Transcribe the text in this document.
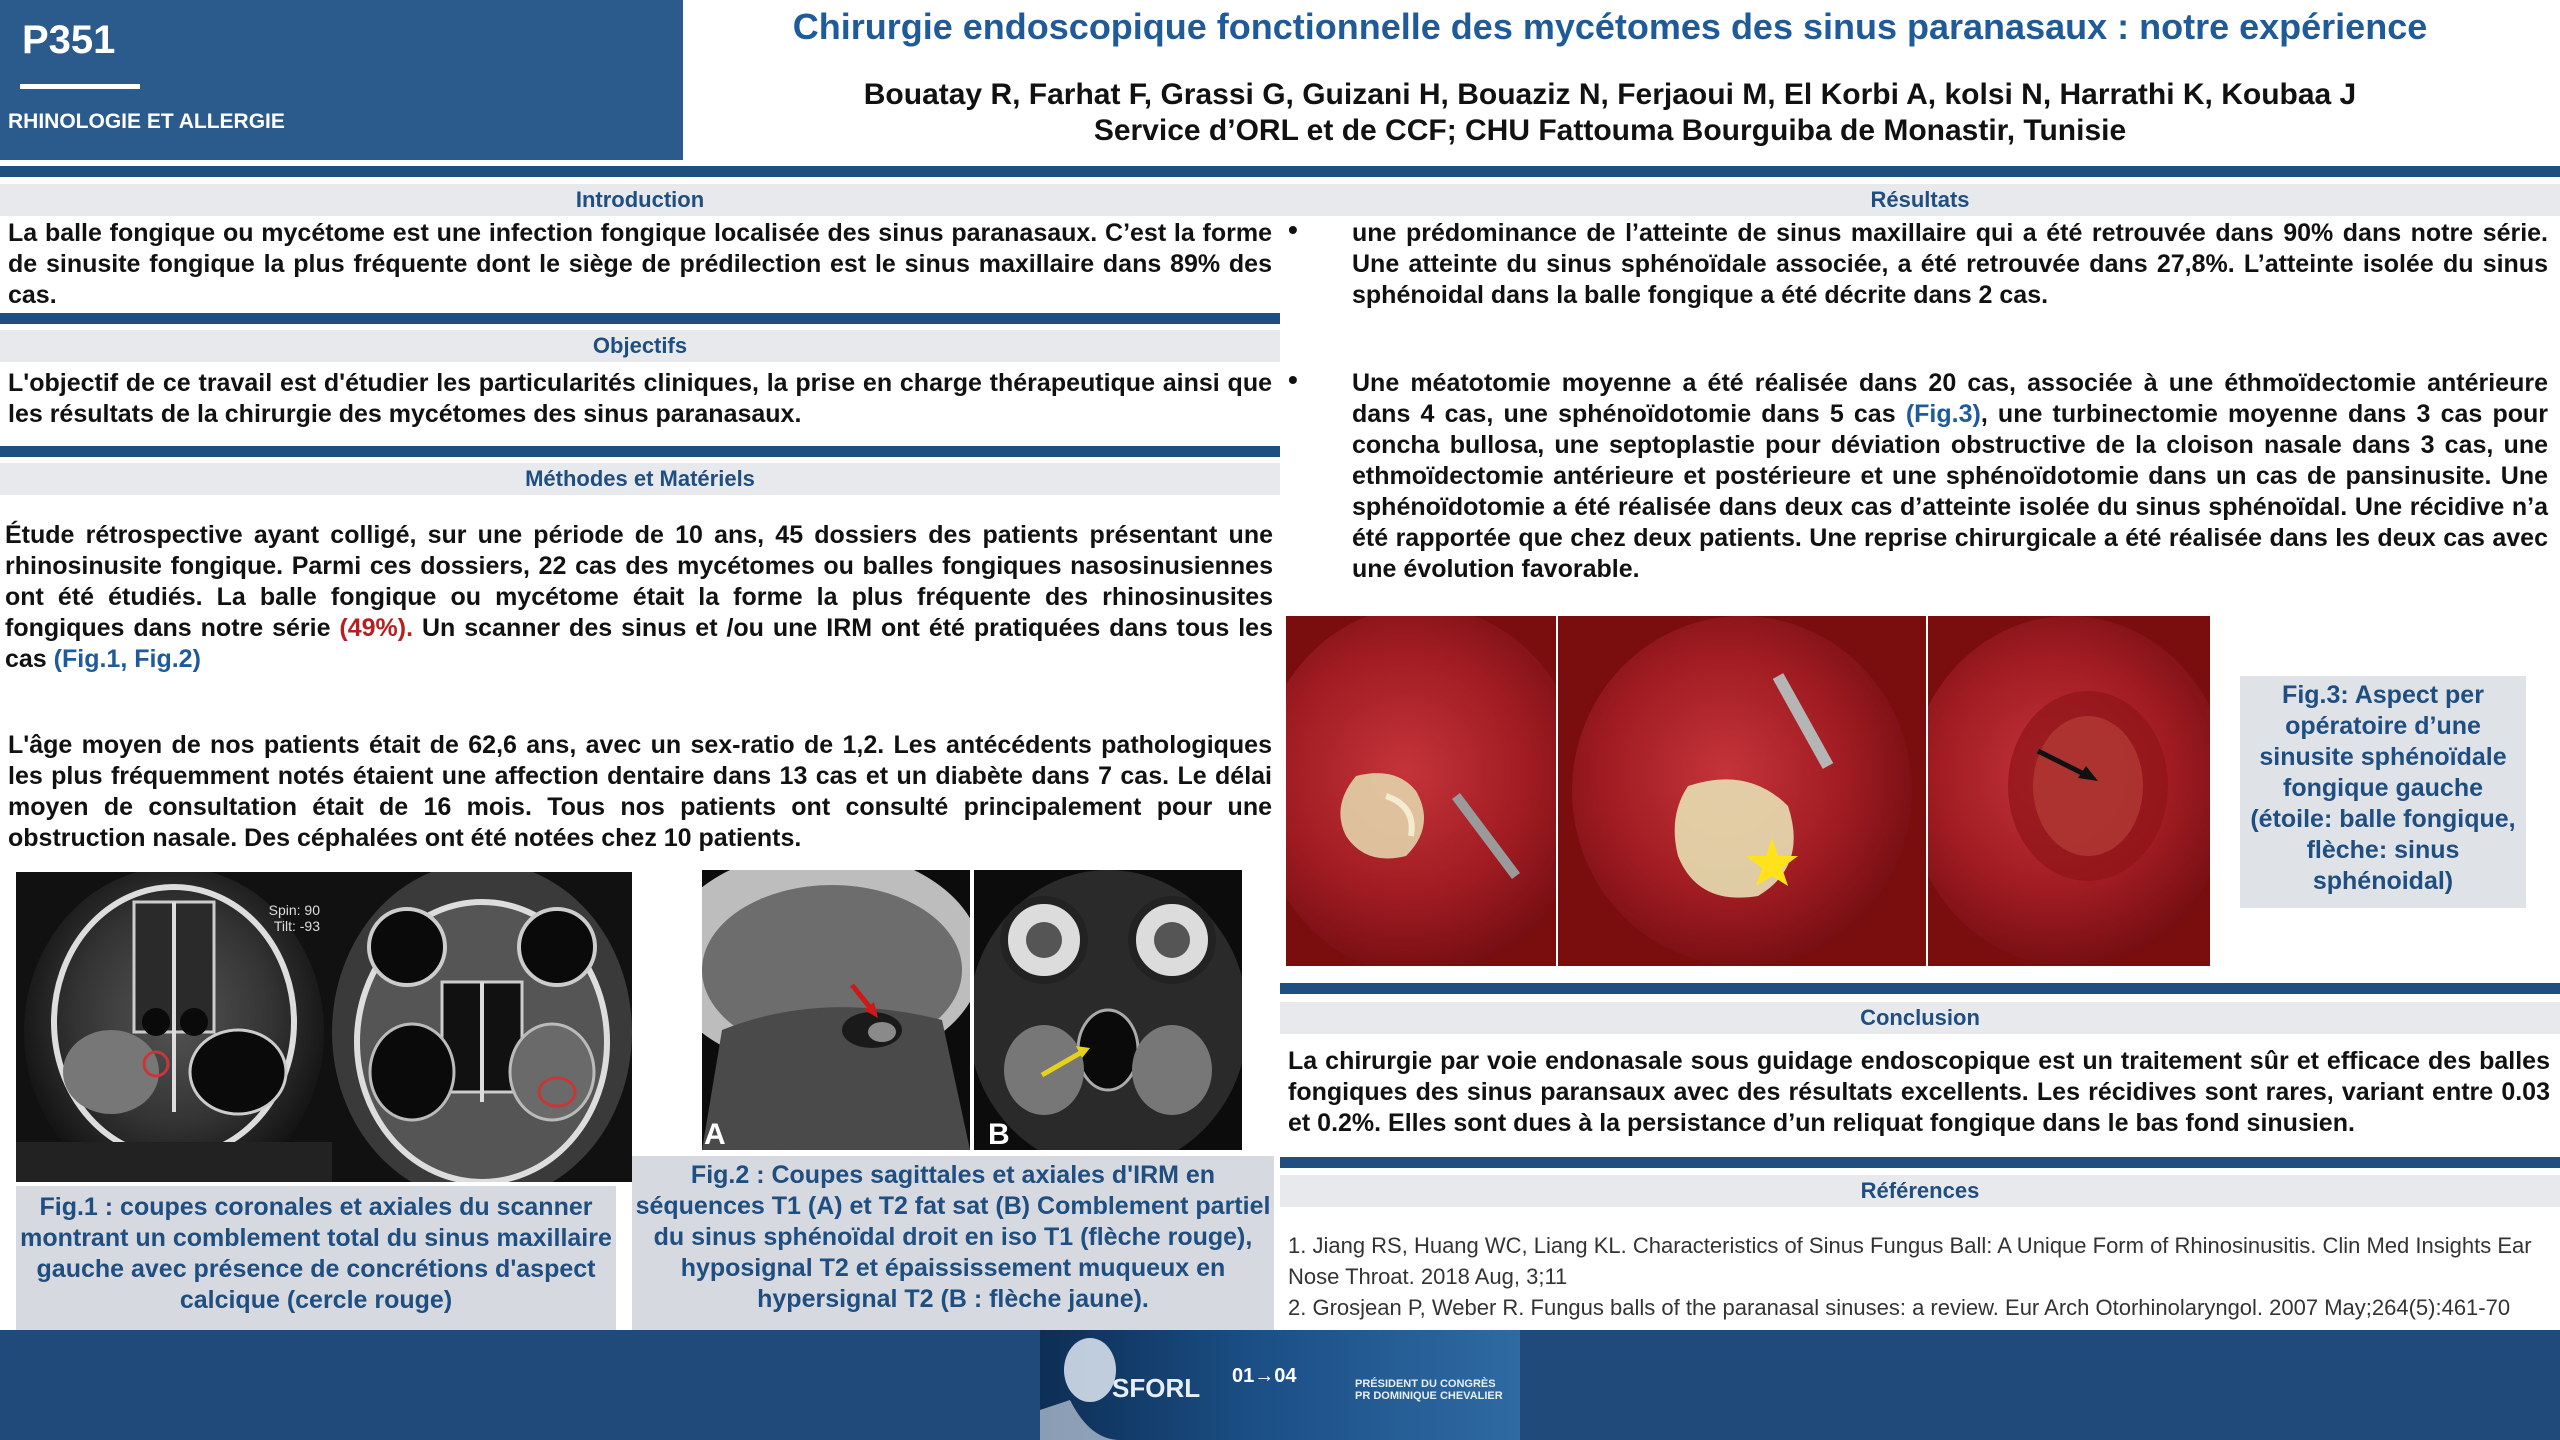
P351
RHINOLOGIE ET ALLERGIE
Chirurgie endoscopique fonctionnelle des mycétomes des sinus paranasaux : notre expérience
Bouatay R, Farhat F, Grassi G, Guizani H, Bouaziz N, Ferjaoui M, El Korbi A, kolsi N, Harrathi K, Koubaa J
Service d’ORL et de CCF; CHU Fattouma Bourguiba de Monastir, Tunisie
Introduction
La balle fongique ou mycétome est une infection fongique localisée des sinus paranasaux. C’est la forme de sinusite fongique la plus fréquente dont le siège de prédilection est le sinus maxillaire dans 89% des cas.
Objectifs
L'objectif de ce travail est d'étudier les particularités cliniques, la prise en charge thérapeutique ainsi que les résultats de la chirurgie des mycétomes des sinus paranasaux.
Méthodes et Matériels
Étude rétrospective ayant colligé, sur une période de 10 ans, 45 dossiers des patients présentant une rhinosinusite fongique. Parmi ces dossiers, 22 cas des mycétomes ou balles fongiques nasosinusiennes ont été étudiés. La balle fongique ou mycétome était la forme la plus fréquente des rhinosinusites fongiques dans notre série (49%). Un scanner des sinus et /ou une IRM ont été pratiquées dans tous les cas (Fig.1, Fig.2)
L'âge moyen de nos patients était de 62,6 ans, avec un sex-ratio de 1,2. Les antécédents pathologiques les plus fréquemment notés étaient une affection dentaire dans 13 cas et un diabète dans 7 cas. Le délai moyen de consultation était de 16 mois. Tous nos patients ont consulté principalement pour une obstruction nasale. Des céphalées ont été notées chez 10 patients.
Spin: 90
Tilt: -93
Fig.1 : coupes coronales et axiales du scanner montrant un comblement total du sinus maxillaire gauche avec présence de concrétions d'aspect calcique (cercle rouge)
A	B
Fig.2 : Coupes sagittales et axiales d'IRM en séquences T1 (A) et T2 fat sat (B) Comblement partiel du sinus sphénoïdal droit en iso T1 (flèche rouge), hyposignal T2 et épaississement muqueux en hypersignal T2 (B : flèche jaune).
Résultats
• une prédominance de l’atteinte de sinus maxillaire qui a été retrouvée dans 90% dans notre série. Une atteinte du sinus sphénoïdale associée, a été retrouvée dans 27,8%. L’atteinte isolée du sinus sphénoidal dans la balle fongique a été décrite dans 2 cas.
• Une méatotomie moyenne a été réalisée dans 20 cas, associée à une éthmoïdectomie antérieure dans 4 cas, une sphénoïdotomie dans 5 cas (Fig.3), une turbinectomie moyenne dans 3 cas pour concha bullosa, une septoplastie pour déviation obstructive de la cloison nasale dans 3 cas, une ethmoïdectomie antérieure et postérieure et une sphénoïdotomie dans un cas de pansinusite. Une sphénoïdotomie a été réalisée dans deux cas d’atteinte isolée du sinus sphénoïdal. Une récidive n’a été rapportée que chez deux patients. Une reprise chirurgicale a été réalisée dans les deux cas avec une évolution favorable.
Fig.3: Aspect per opératoire d’une sinusite sphénoïdale fongique gauche (étoile: balle fongique, flèche: sinus sphénoidal)
Conclusion
La chirurgie par voie endonasale sous guidage endoscopique est un traitement sûr et efficace des balles fongiques des sinus paransaux avec des résultats excellents. Les récidives sont rares, variant entre 0.03 et 0.2%. Elles sont dues à la persistance d’un reliquat fongique dans le bas fond sinusien.
Références
1. Jiang RS, Huang WC, Liang KL. Characteristics of Sinus Fungus Ball: A Unique Form of Rhinosinusitis. Clin Med Insights Ear Nose Throat. 2018 Aug, 3;11
2. Grosjean P, Weber R. Fungus balls of the paranasal sinuses: a review. Eur Arch Otorhinolaryngol. 2007 May;264(5):461-70
SFORL 01→04	PRÉSIDENT DU CONGRÈS
PR DOMINIQUE CHEVALIER
